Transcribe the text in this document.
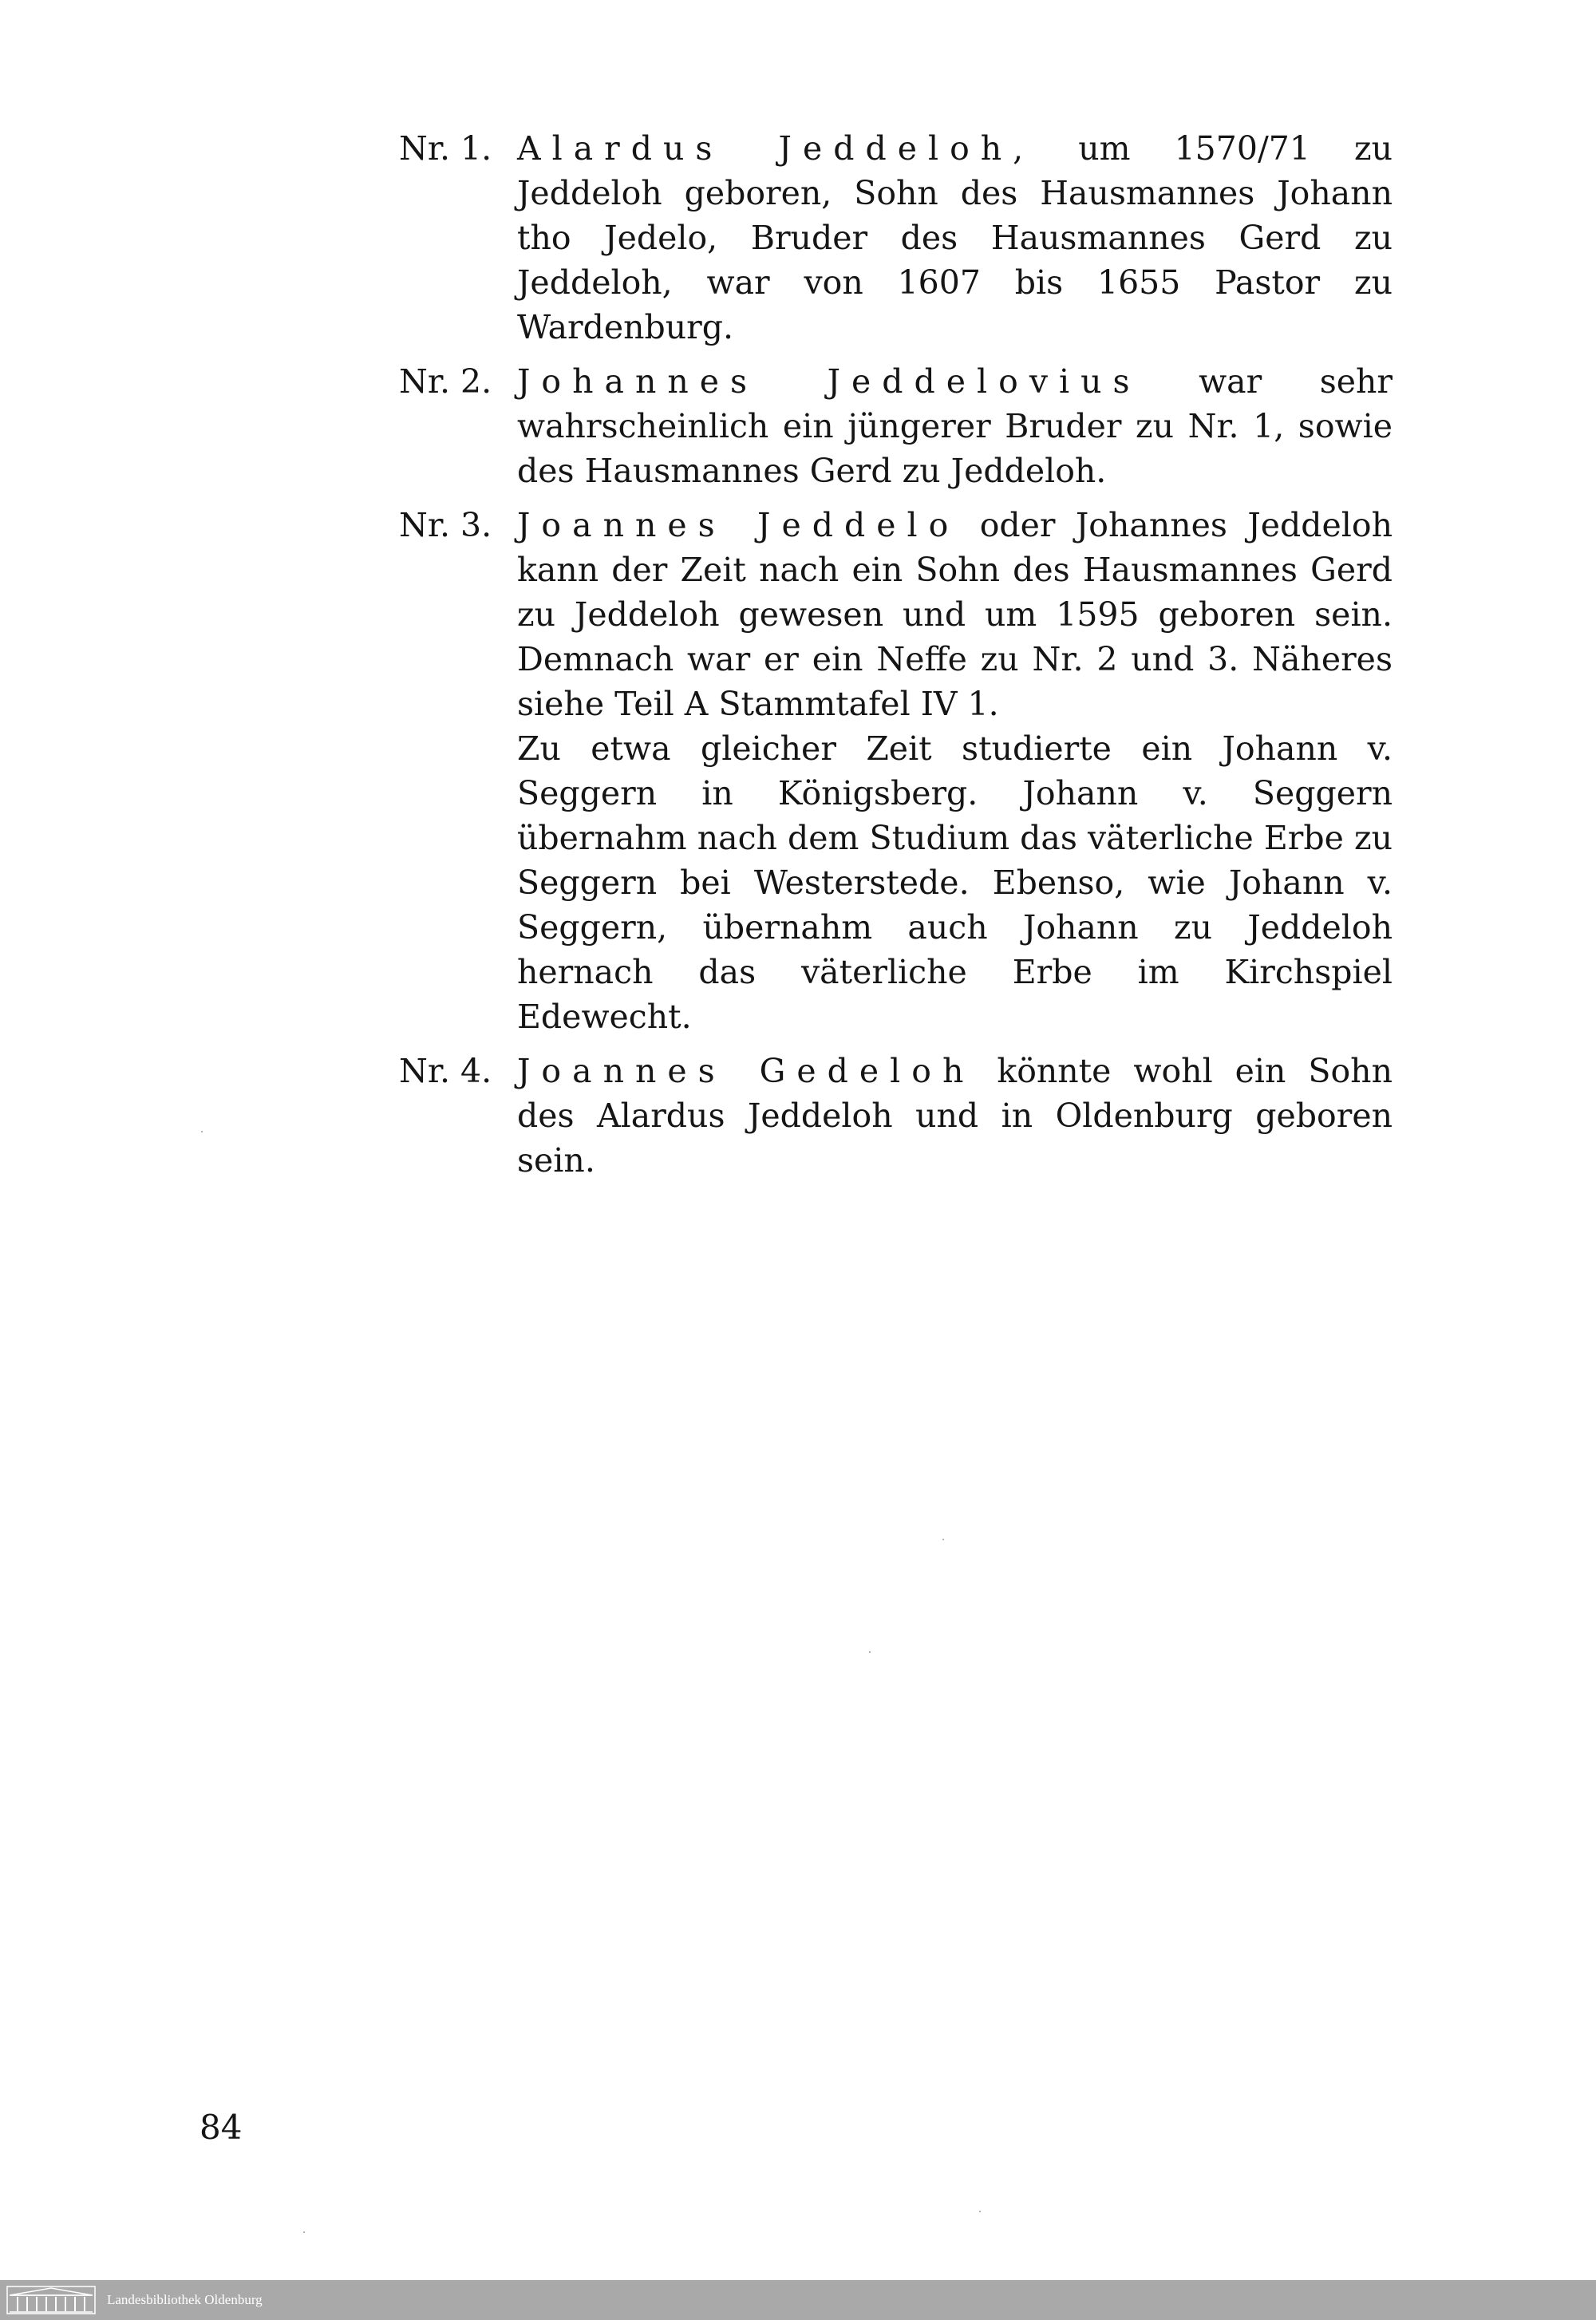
Nr. 1. Alardus Jeddeloh, um 1570/71 zu Jeddeloh geboren, Sohn des Hausmannes Johann tho Jedelo, Bruder des Hausmannes Gerd zu Jeddeloh, war von 1607 bis 1655 Pastor zu Wardenburg.

Nr. 2. Johannes Jeddelovius war sehr wahrscheinlich ein jüngerer Bruder zu Nr. 1, sowie des Hausmannes Gerd zu Jeddeloh.

Nr. 3. Joannes Jeddelo oder Johannes Jeddeloh kann der Zeit nach ein Sohn des Hausmannes Gerd zu Jeddeloh gewesen und um 1595 geboren sein. Demnach war er ein Neffe zu Nr. 2 und 3. Näheres siehe Teil A Stammtafel IV 1.

Zu etwa gleicher Zeit studierte ein Johann v. Seggern in Königsberg. Johann v. Seggern übernahm nach dem Studium das väterliche Erbe zu Seggern bei Westerstede. Ebenso, wie Johann v. Seggern, übernahm auch Johann zu Jeddeloh hernach das väterliche Erbe im Kirchspiel Edewecht.

Nr. 4. Joannes Gedeloh könnte wohl ein Sohn des Alardus Jeddeloh und in Oldenburg geboren sein.

84
Landesbibliothek Oldenburg
